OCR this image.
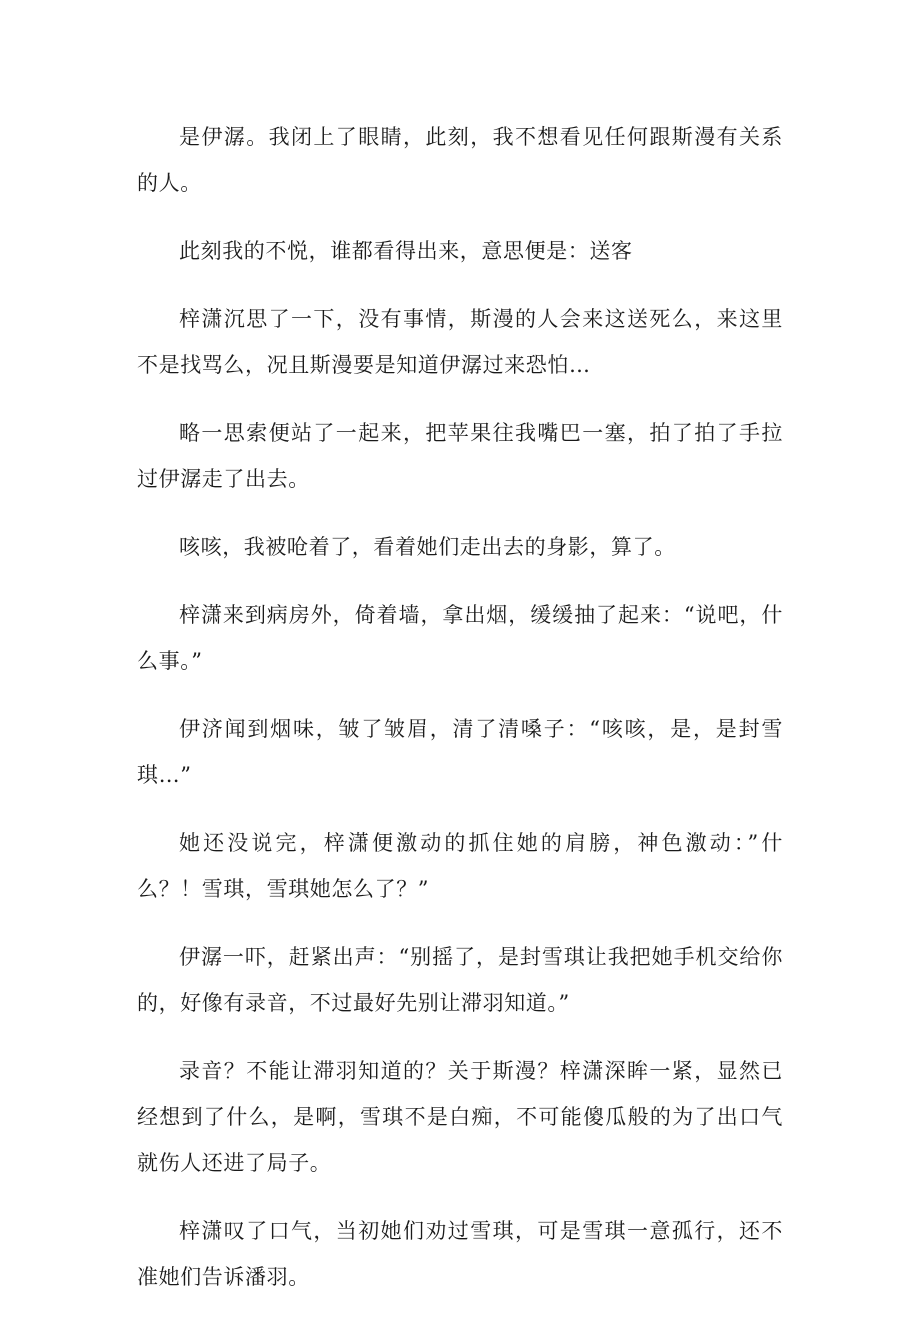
是伊潺。我闭上了眼睛，此刻，我不想看见任何跟斯漫有关系的人。

此刻我的不悦，谁都看得出来，意思便是：送客

梓潇沉思了一下，没有事情，斯漫的人会来这送死么，来这里不是找骂么，况且斯漫要是知道伊潺过来恐怕…

略一思索便站了一起来，把苹果往我嘴巴一塞，拍了拍了手拉过伊潺走了出去。

咳咳，我被呛着了，看着她们走出去的身影，算了。

梓潇来到病房外，倚着墙，拿出烟，缓缓抽了起来：“说吧，什么事。”

伊济闻到烟味，皱了皱眉，清了清嗓子：“咳咳，是，是封雪琪…”

她还没说完，梓潇便激动的抓住她的肩膀，神色激动：”什么？！雪琪，雪琪她怎么了？”

伊潺一吓，赶紧出声：“别摇了，是封雪琪让我把她手机交给你的，好像有录音，不过最好先别让滞羽知道。”

录音？不能让滞羽知道的？关于斯漫？梓潇深眸一紧，显然已经想到了什么，是啊，雪琪不是白痴，不可能傻瓜般的为了出口气就伤人还进了局子。

梓潇叹了口气，当初她们劝过雪琪，可是雪琪一意孤行，还不准她们告诉潘羽。
